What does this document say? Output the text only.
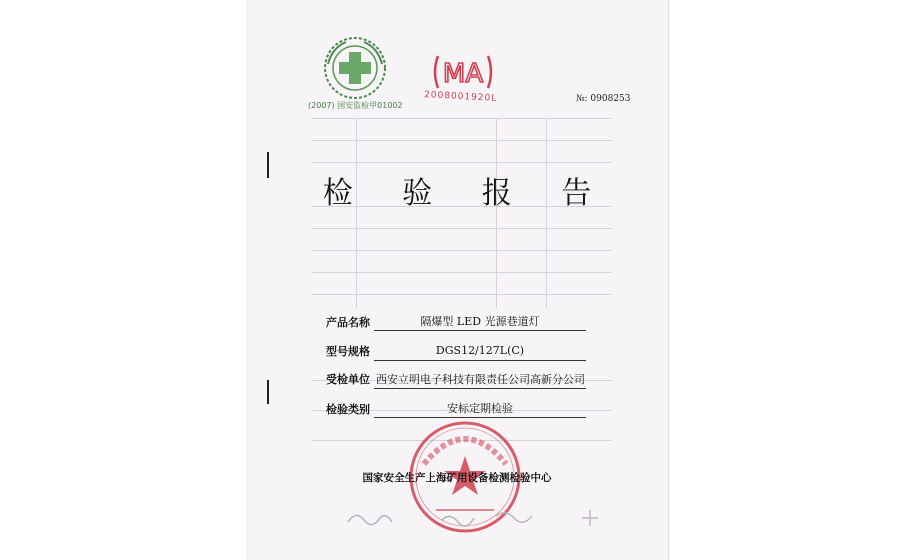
(2007) 国安监检甲01002
MA
2008001920L	№: 0908253
检 验 报 告
产品名称	隔爆型 LED 光源巷道灯
型号规格	DGS12/127L(C)
受检单位 西安立明电子科技有限责任公司高新分公司
检验类别	安标定期检验
国家安全生产上海矿用设备检测检验中心
